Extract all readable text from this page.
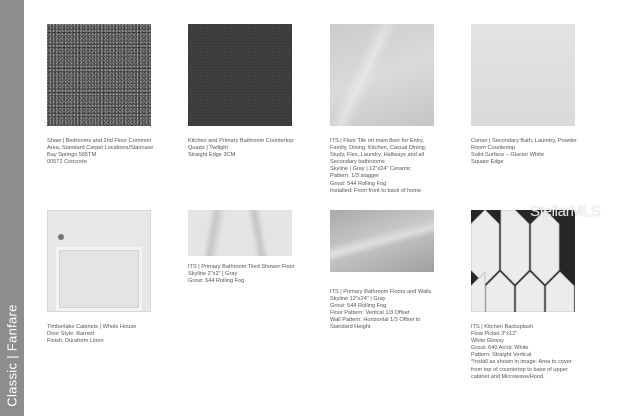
Classic | Fanfare
Shaw | Bedrooms and 2nd Floor Common
Area, Standard Carpet Locations/Staircase
Bay Springs 565TM
00572 Concrete
Kitchen and Primary Bathroom Countertop
Quartz | Twilight
Straight Edge 3CM
ITS | Floor Tile on main floor for Entry,
Family, Dining, Kitchen, Casual Dining,
Study, Flex, Laundry, Hallways and all
Secondary bathrooms
Skyline | Gray | 12"x24" Ceramic
Pattern: 1/3 stagger
Grout: 544 Rolling Fog
Installed: From front to back of home
Corian | Secondary Bath, Laundry, Powder
Room Countertop
Solid Surface – Glacier White
Square Edge
Timberlake Cabinets | Whole House
Door Style: Barnett
Finish: Duraform Linen
ITS | Primary Bathroom Tiled Shower Floor
Skyline 2"x2" | Gray
Grout: 544 Rolling Fog
ITS | Primary Bathroom Floors and Walls
Skyline 12"x24" | Gray
Grout: 544 Rolling Fog
Floor Pattern: Vertical 1/3 Offset
Wall Pattern: Horizontal 1/3 Offset to
Standard Height	ITS | Kitchen Backsplash
Flow Picket 3"x12"
White Glossy
Grout: 640 Arctic White
Pattern: Straight Vertical
*Install as shown in image. Area to cover
from top of countertop to base of upper
cabinet and Microwave/Hood.
StellarMLS
